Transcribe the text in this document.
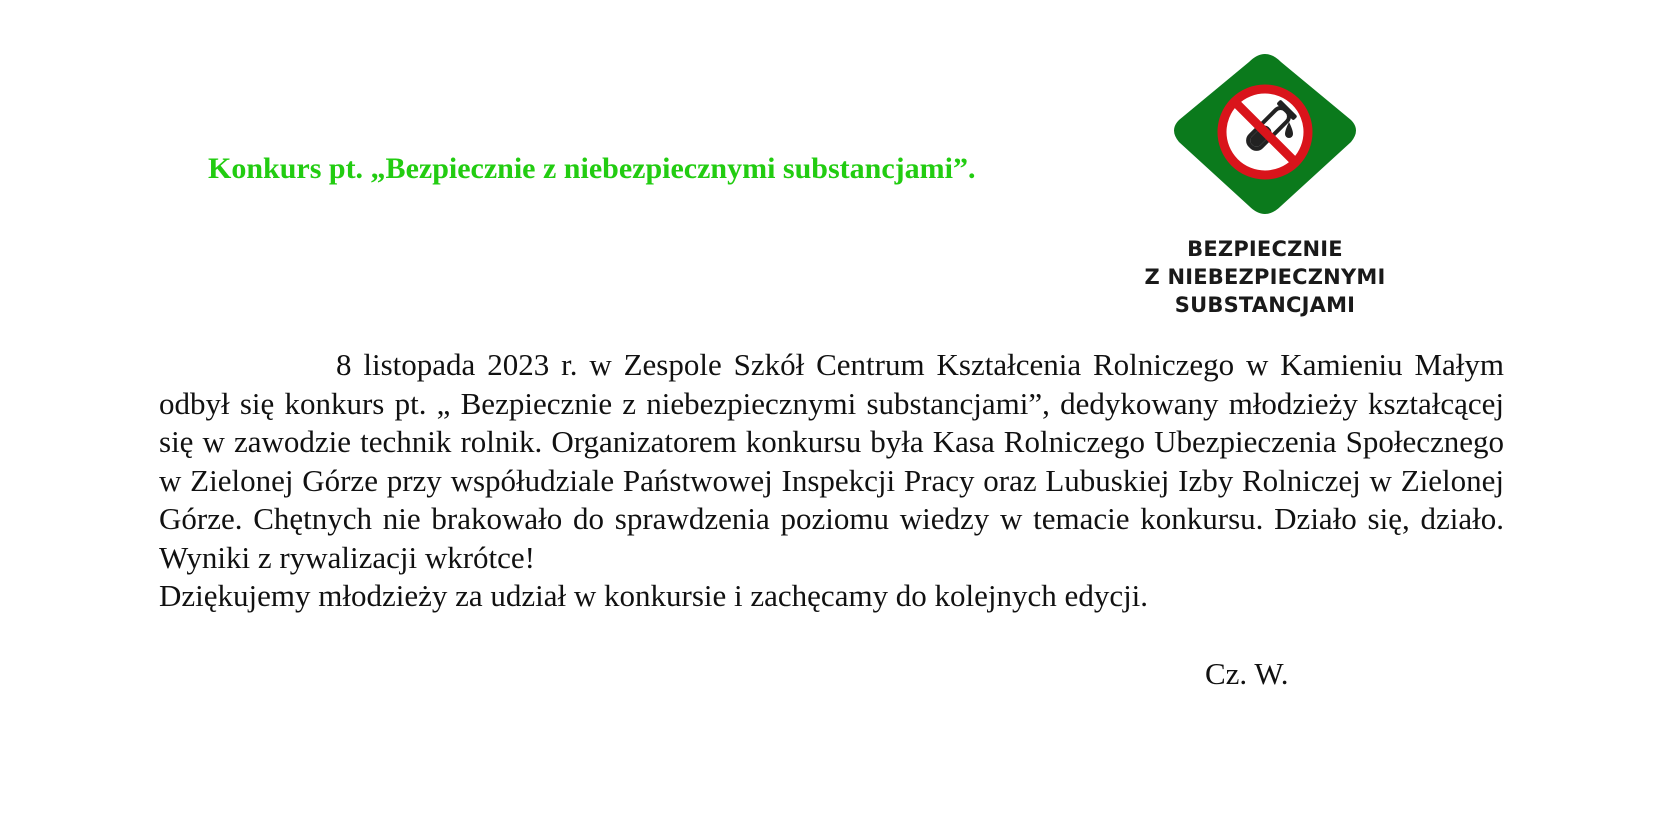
Konkurs pt. „Bezpiecznie z niebezpiecznymi substancjami”.
BEZPIECZNIE
Z NIEBEZPIECZNYMI
SUBSTANCJAMI

8 listopada 2023 r. w Zespole Szkół Centrum Kształcenia Rolniczego w Kamieniu Małym odbył się konkurs pt. „ Bezpiecznie z niebezpiecznymi substancjami”, dedykowany młodzieży kształcącej się w zawodzie technik rolnik. Organizatorem konkursu była Kasa Rolniczego Ubezpieczenia Społecznego w Zielonej Górze przy współudziale Państwowej Inspekcji Pracy oraz Lubuskiej Izby Rolniczej w Zielonej Górze. Chętnych nie brakowało do sprawdzenia poziomu wiedzy w temacie konkursu. Działo się, działo. Wyniki z rywalizacji wkrótce!

Dziękujemy młodzieży za udział w konkursie i zachęcamy do kolejnych edycji.

Cz. W.
